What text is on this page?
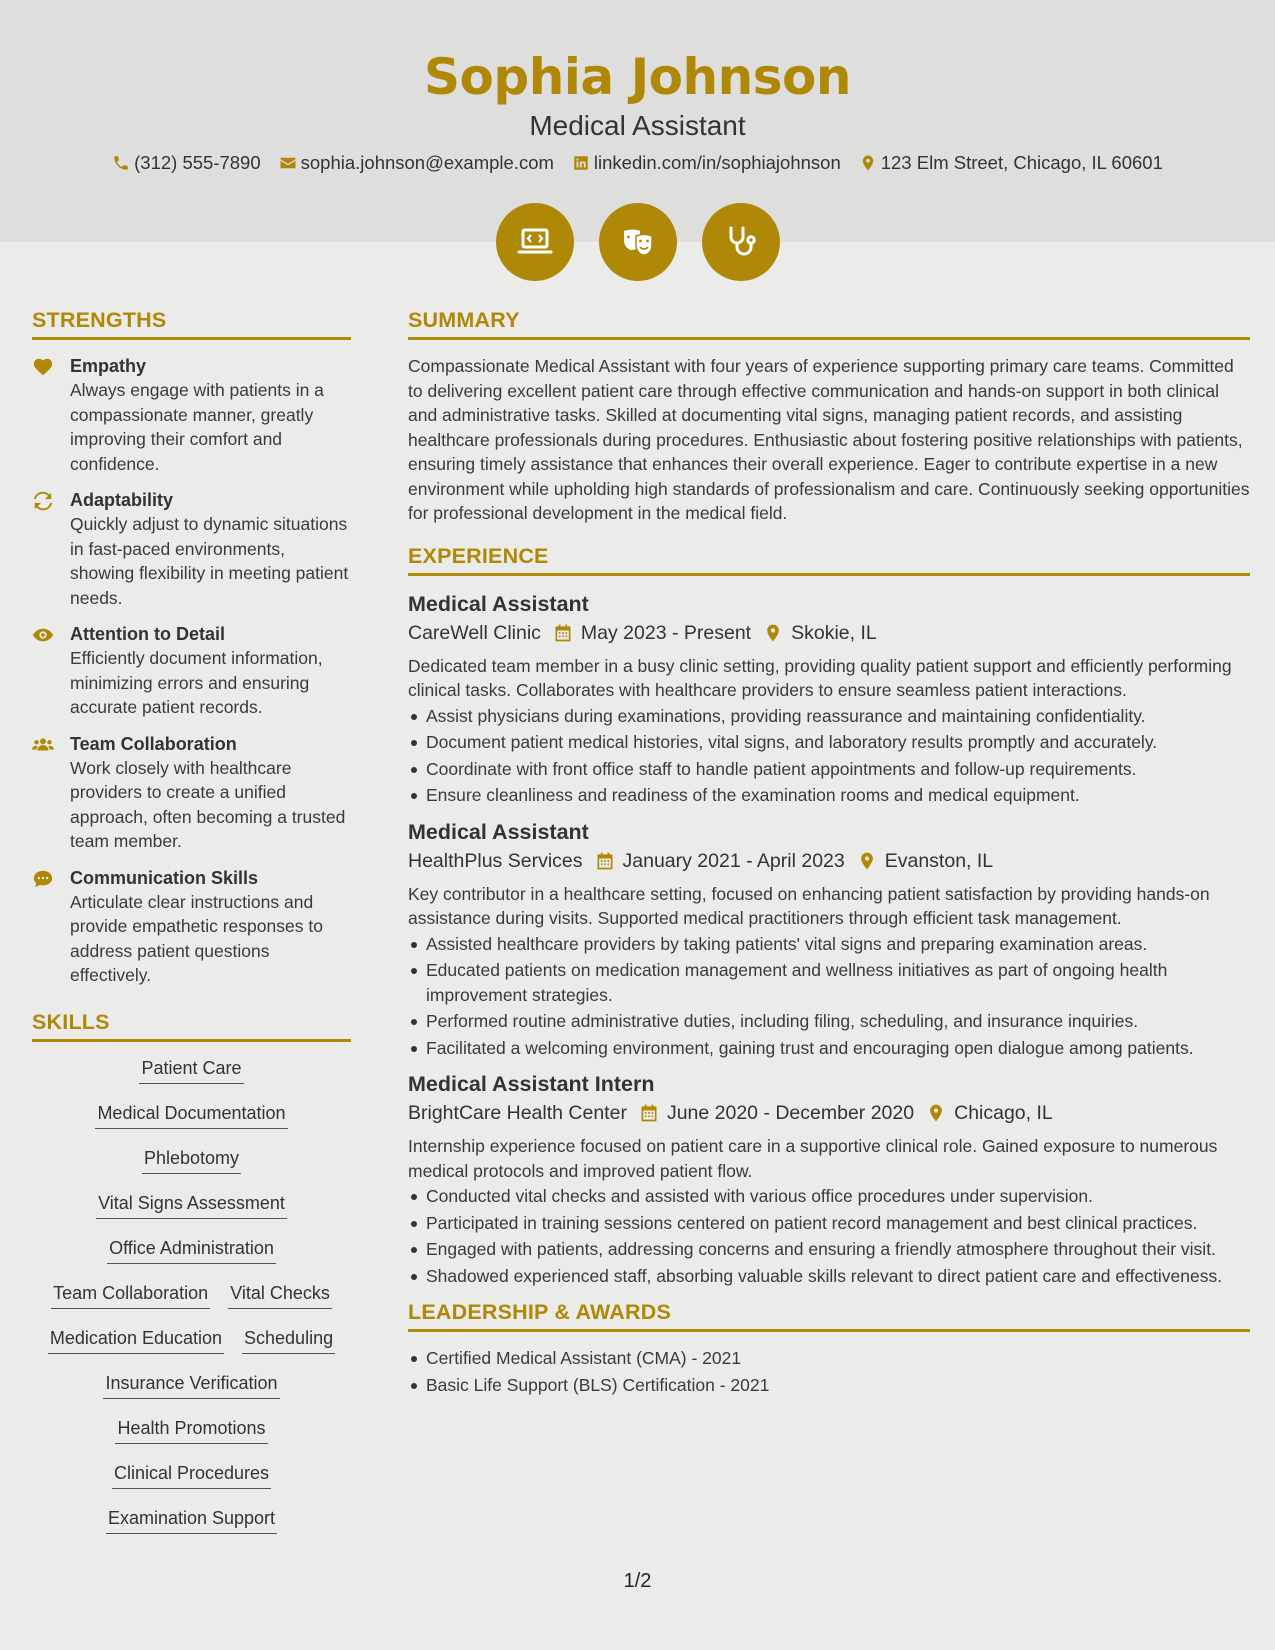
Sophia Johnson
Medical Assistant
(312) 555-7890 sophia.johnson@example.com linkedin.com/in/sophiajohnson 123 Elm Street, Chicago, IL 60601
STRENGTHS
Empathy
Always engage with patients in a compassionate manner, greatly improving their comfort and confidence.
Adaptability
Quickly adjust to dynamic situations in fast-paced environments, showing flexibility in meeting patient needs.
Attention to Detail
Efficiently document information, minimizing errors and ensuring accurate patient records.
Team Collaboration
Work closely with healthcare providers to create a unified approach, often becoming a trusted team member.
Communication Skills
Articulate clear instructions and provide empathetic responses to address patient questions effectively.
SKILLS
Patient Care
Medical Documentation
Phlebotomy
Vital Signs Assessment
Office Administration
Team Collaboration Vital Checks
Medication Education Scheduling
Insurance Verification
Health Promotions
Clinical Procedures
Examination Support
SUMMARY
Compassionate Medical Assistant with four years of experience supporting primary care teams. Committed to delivering excellent patient care through effective communication and hands-on support in both clinical and administrative tasks. Skilled at documenting vital signs, managing patient records, and assisting healthcare professionals during procedures. Enthusiastic about fostering positive relationships with patients, ensuring timely assistance that enhances their overall experience. Eager to contribute expertise in a new environment while upholding high standards of professionalism and care. Continuously seeking opportunities for professional development in the medical field.
EXPERIENCE
Medical Assistant
CareWell Clinic May 2023 - Present Skokie, IL
Dedicated team member in a busy clinic setting, providing quality patient support and efficiently performing clinical tasks. Collaborates with healthcare providers to ensure seamless patient interactions.
Assist physicians during examinations, providing reassurance and maintaining confidentiality.
Document patient medical histories, vital signs, and laboratory results promptly and accurately.
Coordinate with front office staff to handle patient appointments and follow-up requirements.
Ensure cleanliness and readiness of the examination rooms and medical equipment.
Medical Assistant
HealthPlus Services January 2021 - April 2023 Evanston, IL
Key contributor in a healthcare setting, focused on enhancing patient satisfaction by providing hands-on assistance during visits. Supported medical practitioners through efficient task management.
Assisted healthcare providers by taking patients' vital signs and preparing examination areas.
Educated patients on medication management and wellness initiatives as part of ongoing health improvement strategies.
Performed routine administrative duties, including filing, scheduling, and insurance inquiries.
Facilitated a welcoming environment, gaining trust and encouraging open dialogue among patients.
Medical Assistant Intern
BrightCare Health Center June 2020 - December 2020 Chicago, IL
Internship experience focused on patient care in a supportive clinical role. Gained exposure to numerous medical protocols and improved patient flow.
Conducted vital checks and assisted with various office procedures under supervision.
Participated in training sessions centered on patient record management and best clinical practices.
Engaged with patients, addressing concerns and ensuring a friendly atmosphere throughout their visit.
Shadowed experienced staff, absorbing valuable skills relevant to direct patient care and effectiveness.
LEADERSHIP & AWARDS
Certified Medical Assistant (CMA) - 2021
Basic Life Support (BLS) Certification - 2021
1/2
